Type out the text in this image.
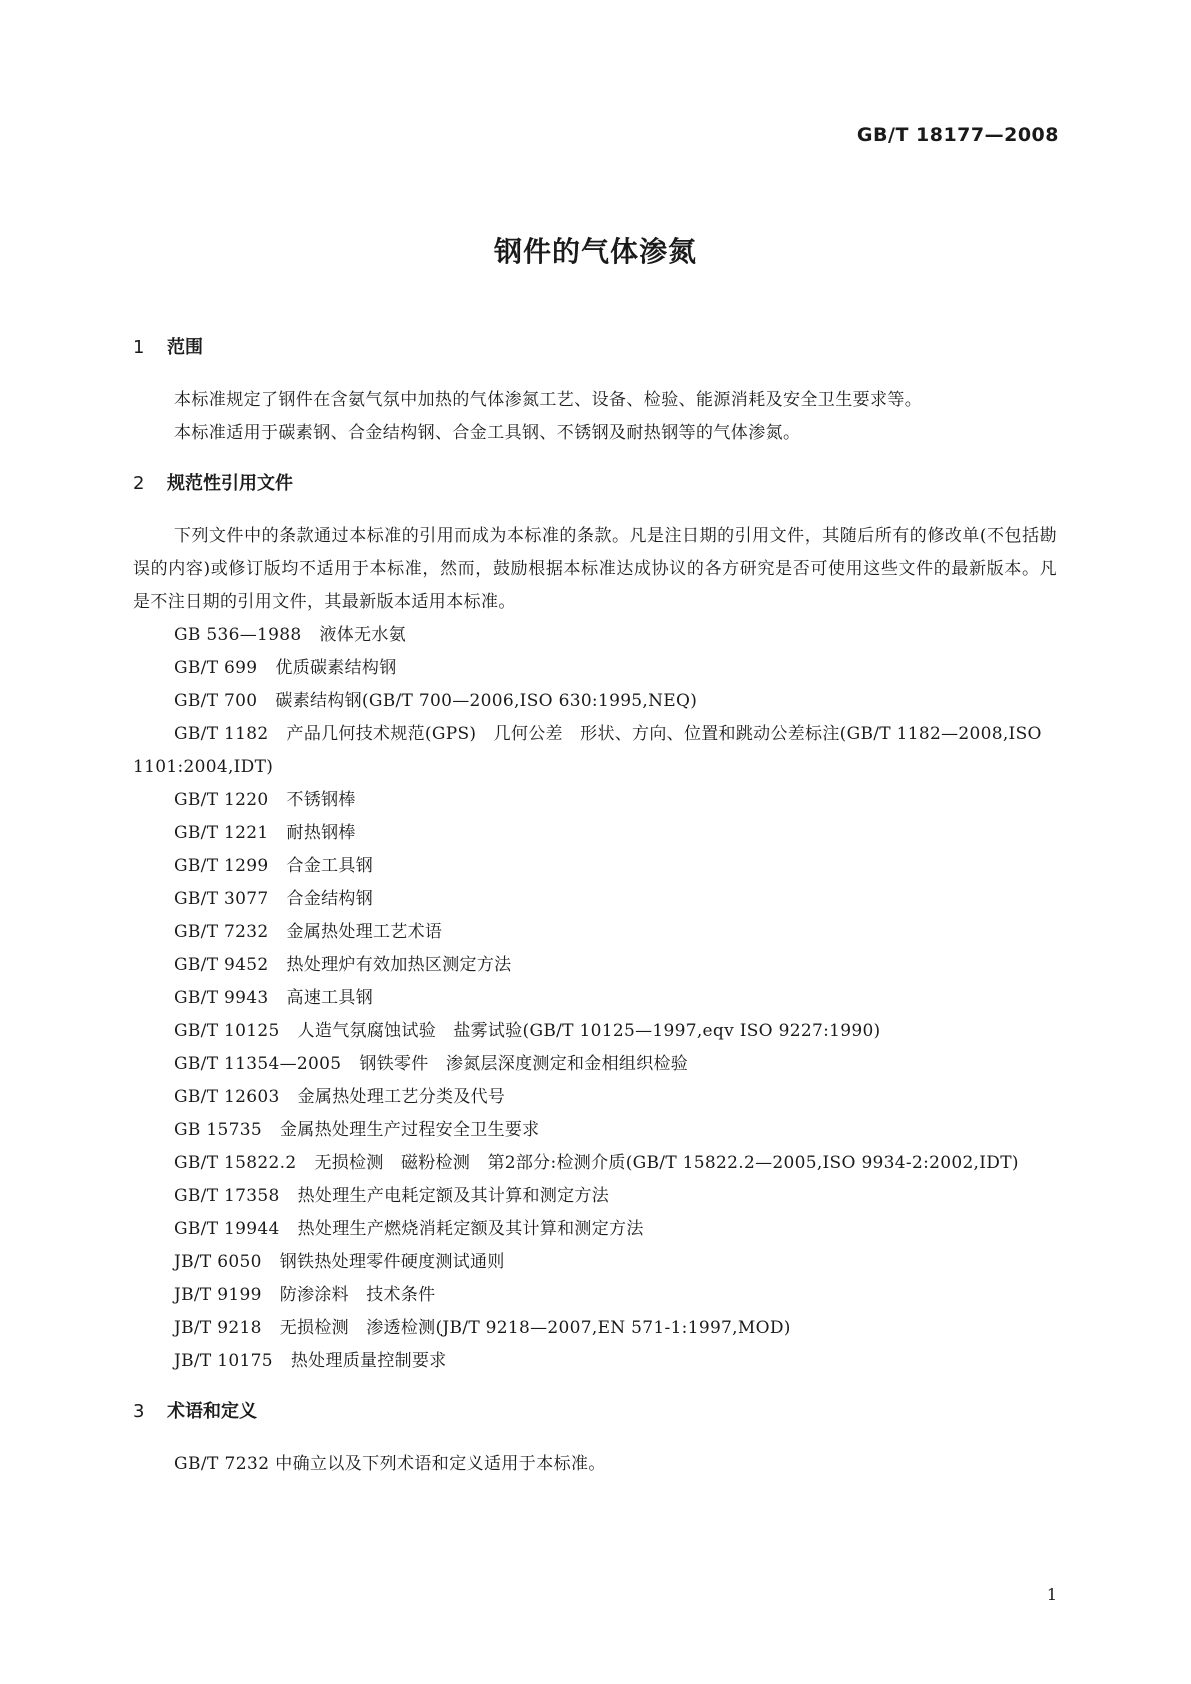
GB/T 18177—2008
钢件的气体渗氮
1 范围

本标准规定了钢件在含氨气氛中加热的气体渗氮工艺、设备、检验、能源消耗及安全卫生要求等。

本标准适用于碳素钢、合金结构钢、合金工具钢、不锈钢及耐热钢等的气体渗氮。

2 规范性引用文件

下列文件中的条款通过本标准的引用而成为本标准的条款。凡是注日期的引用文件，其随后所有的修改单(不包括勘误的内容)或修订版均不适用于本标准，然而，鼓励根据本标准达成协议的各方研究是否可使用这些文件的最新版本。凡是不注日期的引用文件，其最新版本适用本标准。

GB 536—1988 液体无水氨
GB/T 699 优质碳素结构钢
GB/T 700 碳素结构钢(GB/T 700—2006,ISO 630:1995,NEQ)
GB/T 1182 产品几何技术规范(GPS)　几何公差　形状、方向、位置和跳动公差标注(GB/T 1182—2008,ISO 1101:2004,IDT)
GB/T 1220 不锈钢棒
GB/T 1221 耐热钢棒
GB/T 1299 合金工具钢
GB/T 3077 合金结构钢
GB/T 7232 金属热处理工艺术语
GB/T 9452 热处理炉有效加热区测定方法
GB/T 9943 高速工具钢
GB/T 10125 人造气氛腐蚀试验　盐雾试验(GB/T 10125—1997,eqv ISO 9227:1990)
GB/T 11354—2005 钢铁零件　渗氮层深度测定和金相组织检验
GB/T 12603 金属热处理工艺分类及代号
GB 15735 金属热处理生产过程安全卫生要求
GB/T 15822.2 无损检测　磁粉检测　第2部分:检测介质(GB/T 15822.2—2005,ISO 9934-2:2002,IDT)
GB/T 17358 热处理生产电耗定额及其计算和测定方法
GB/T 19944 热处理生产燃烧消耗定额及其计算和测定方法
JB/T 6050 钢铁热处理零件硬度测试通则
JB/T 9199 防渗涂料　技术条件
JB/T 9218 无损检测　渗透检测(JB/T 9218—2007,EN 571-1:1997,MOD)
JB/T 10175 热处理质量控制要求
3 术语和定义

GB/T 7232 中确立以及下列术语和定义适用于本标准。

1
